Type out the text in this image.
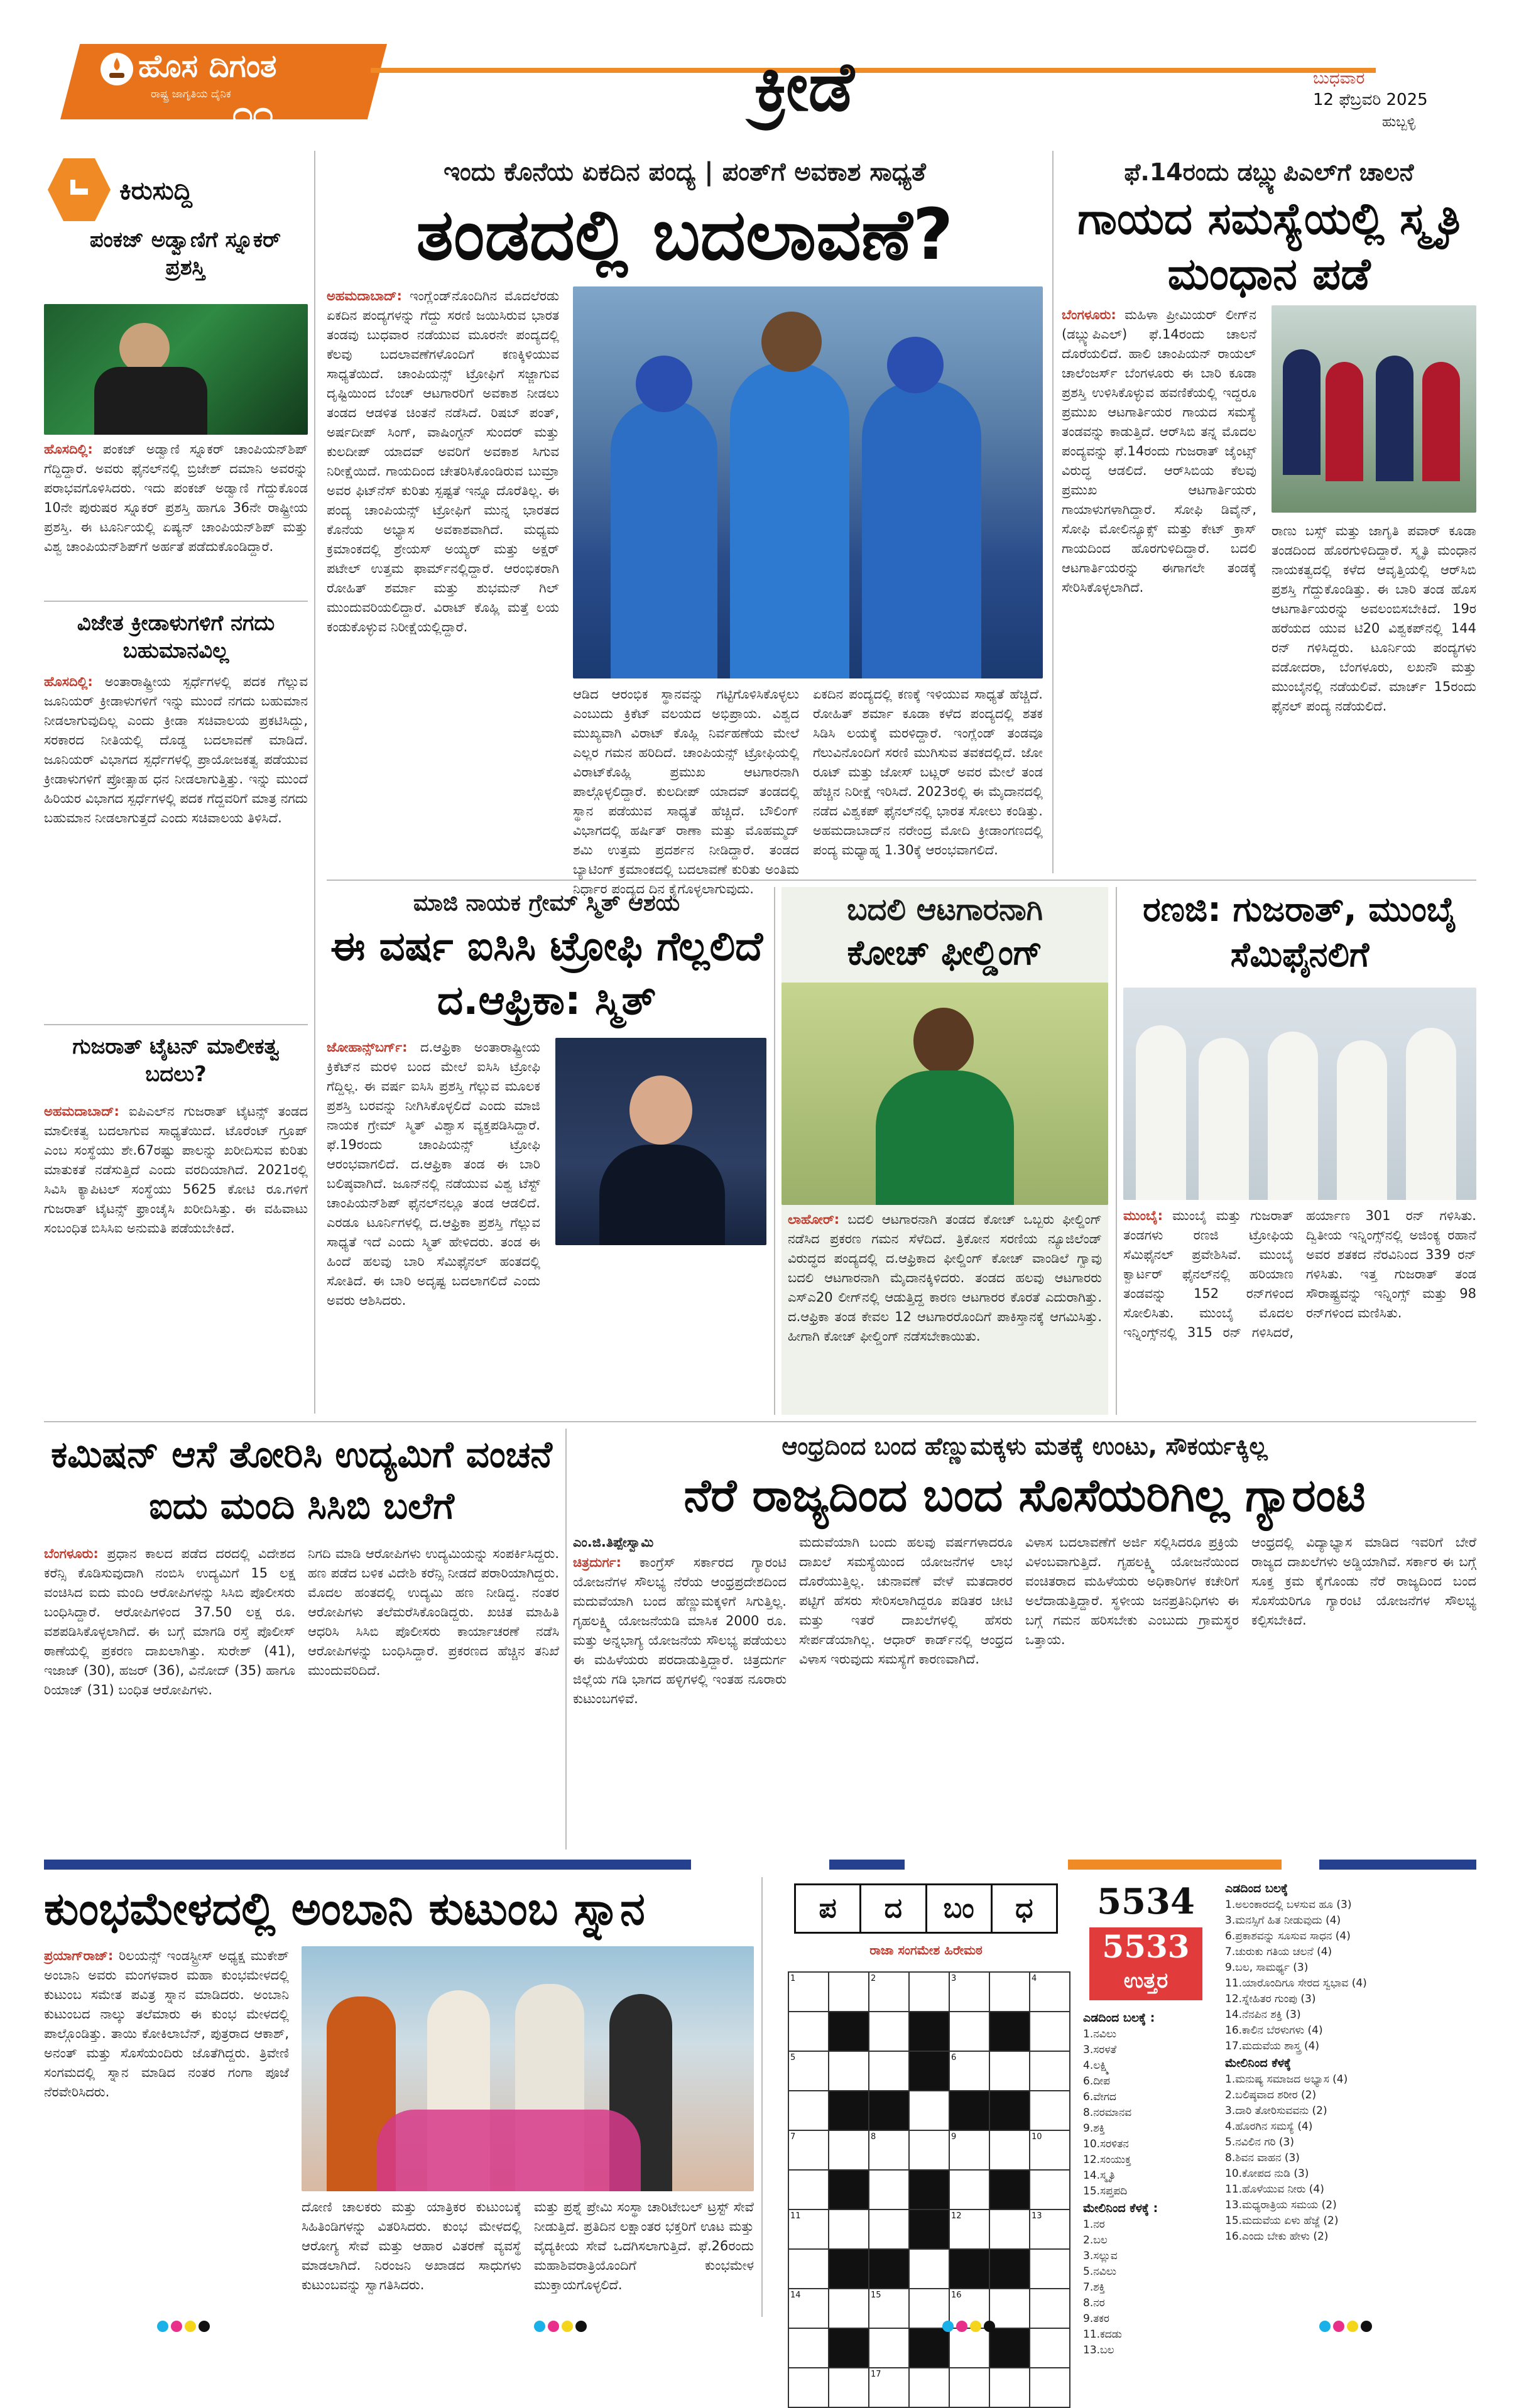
ಹೊಸ ದಿಗಂತ
ರಾಷ್ಟ್ರ ಜಾಗೃತಿಯ ದೈನಿಕ ೧೧	ಕ್ರೀಡೆ	ಬುಧವಾರ
12 ಫೆಬ್ರವರಿ 2025
ಹುಬ್ಬಳ್ಳಿ
ಕಿರುಸುದ್ದಿ
ಪಂಕಜ್ ಅಡ್ವಾಣಿಗೆ ಸ್ನೂಕರ್ ಪ್ರಶಸ್ತಿ
ಹೊಸದಿಲ್ಲಿ: ಪಂಕಜ್ ಅಡ್ವಾಣಿ ಸ್ನೂಕರ್ ಚಾಂಪಿಯನ್‌ಶಿಪ್ ಗೆದ್ದಿದ್ದಾರೆ. ಅವರು ಫೈನಲ್‌ನಲ್ಲಿ ಬ್ರಿಜೇಶ್ ದಮಾನಿ ಅವರನ್ನು ಪರಾಭವಗೊಳಿಸಿದರು. ಇದು ಪಂಕಜ್ ಅಡ್ವಾಣಿ ಗೆದ್ದುಕೊಂಡ 10ನೇ ಪುರುಷರ ಸ್ನೂಕರ್ ಪ್ರಶಸ್ತಿ ಹಾಗೂ 36ನೇ ರಾಷ್ಟ್ರೀಯ ಪ್ರಶಸ್ತಿ. ಈ ಟೂರ್ನಿಯಲ್ಲಿ ಏಷ್ಯನ್ ಚಾಂಪಿಯನ್‌ಶಿಪ್ ಮತ್ತು ವಿಶ್ವ ಚಾಂಪಿಯನ್‌ಶಿಪ್‌ಗೆ ಅರ್ಹತೆ ಪಡೆದುಕೊಂಡಿದ್ದಾರೆ.
ವಿಜೇತ ಕ್ರೀಡಾಳುಗಳಿಗೆ ನಗದು ಬಹುಮಾನವಿಲ್ಲ
ಹೊಸದಿಲ್ಲಿ: ಅಂತಾರಾಷ್ಟ್ರೀಯ ಸ್ಪರ್ಧೆಗಳಲ್ಲಿ ಪದಕ ಗೆಲ್ಲುವ ಜೂನಿಯರ್ ಕ್ರೀಡಾಳುಗಳಿಗೆ ಇನ್ನು ಮುಂದೆ ನಗದು ಬಹುಮಾನ ನೀಡಲಾಗುವುದಿಲ್ಲ ಎಂದು ಕ್ರೀಡಾ ಸಚಿವಾಲಯ ಪ್ರಕಟಿಸಿದ್ದು, ಸರಕಾರದ ನೀತಿಯಲ್ಲಿ ದೊಡ್ಡ ಬದಲಾವಣೆ ಮಾಡಿದೆ. ಜೂನಿಯರ್ ವಿಭಾಗದ ಸ್ಪರ್ಧೆಗಳಲ್ಲಿ ಪ್ರಾಯೋಜಕತ್ವ ಪಡೆಯುವ ಕ್ರೀಡಾಳುಗಳಿಗೆ ಪ್ರೋತ್ಸಾಹ ಧನ ನೀಡಲಾಗುತ್ತಿತ್ತು. ಇನ್ನು ಮುಂದೆ ಹಿರಿಯರ ವಿಭಾಗದ ಸ್ಪರ್ಧೆಗಳಲ್ಲಿ ಪದಕ ಗೆದ್ದವರಿಗೆ ಮಾತ್ರ ನಗದು ಬಹುಮಾನ ನೀಡಲಾಗುತ್ತದೆ ಎಂದು ಸಚಿವಾಲಯ ತಿಳಿಸಿದೆ.
ಗುಜರಾತ್ ಟೈಟನ್ ಮಾಲೀಕತ್ವ ಬದಲು?
ಅಹಮದಾಬಾದ್: ಐಪಿಎಲ್‌ನ ಗುಜರಾತ್ ಟೈಟನ್ಸ್ ತಂಡದ ಮಾಲೀಕತ್ವ ಬದಲಾಗುವ ಸಾಧ್ಯತೆಯಿದೆ. ಟೊರೆಂಟ್ ಗ್ರೂಪ್ ಎಂಬ ಸಂಸ್ಥೆಯು ಶೇ.67ರಷ್ಟು ಪಾಲನ್ನು ಖರೀದಿಸುವ ಕುರಿತು ಮಾತುಕತೆ ನಡೆಸುತ್ತಿದೆ ಎಂದು ವರದಿಯಾಗಿದೆ. 2021ರಲ್ಲಿ ಸಿವಿಸಿ ಕ್ಯಾಪಿಟಲ್ ಸಂಸ್ಥೆಯು 5625 ಕೋಟಿ ರೂ.ಗಳಿಗೆ ಗುಜರಾತ್ ಟೈಟನ್ಸ್ ಫ್ರಾಂಚೈಸಿ ಖರೀದಿಸಿತ್ತು. ಈ ವಹಿವಾಟು ಸಂಬಂಧಿತ ಬಿಸಿಸಿಐ ಅನುಮತಿ ಪಡೆಯಬೇಕಿದೆ.
ಇಂದು ಕೊನೆಯ ಏಕದಿನ ಪಂದ್ಯ | ಪಂತ್‌ಗೆ ಅವಕಾಶ ಸಾಧ್ಯತೆ
ತಂಡದಲ್ಲಿ ಬದಲಾವಣೆ?
ಅಹಮದಾಬಾದ್: ಇಂಗ್ಲೆಂಡ್‌ನೊಂದಿಗಿನ ಮೊದಲೆರಡು ಏಕದಿನ ಪಂದ್ಯಗಳನ್ನು ಗೆದ್ದು ಸರಣಿ ಜಯಿಸಿರುವ ಭಾರತ ತಂಡವು ಬುಧವಾರ ನಡೆಯುವ ಮೂರನೇ ಪಂದ್ಯದಲ್ಲಿ ಕೆಲವು ಬದಲಾವಣೆಗಳೊಂದಿಗೆ ಕಣಕ್ಕಿಳಿಯುವ ಸಾಧ್ಯತೆಯಿದೆ. ಚಾಂಪಿಯನ್ಸ್ ಟ್ರೋಫಿಗೆ ಸಜ್ಜಾಗುವ ದೃಷ್ಟಿಯಿಂದ ಬೆಂಚ್ ಆಟಗಾರರಿಗೆ ಅವಕಾಶ ನೀಡಲು ತಂಡದ ಆಡಳಿತ ಚಿಂತನೆ ನಡೆಸಿದೆ. ರಿಷಬ್ ಪಂತ್, ಅರ್ಷದೀಪ್ ಸಿಂಗ್, ವಾಷಿಂಗ್ಟನ್ ಸುಂದರ್ ಮತ್ತು ಕುಲದೀಪ್ ಯಾದವ್ ಅವರಿಗೆ ಅವಕಾಶ ಸಿಗುವ ನಿರೀಕ್ಷೆಯಿದೆ. ಗಾಯದಿಂದ ಚೇತರಿಸಿಕೊಂಡಿರುವ ಬುಮ್ರಾ ಅವರ ಫಿಟ್‌ನೆಸ್ ಕುರಿತು ಸ್ಪಷ್ಟತೆ ಇನ್ನೂ ದೊರೆತಿಲ್ಲ. ಈ ಪಂದ್ಯ ಚಾಂಪಿಯನ್ಸ್ ಟ್ರೋಫಿಗೆ ಮುನ್ನ ಭಾರತದ ಕೊನೆಯ ಅಭ್ಯಾಸ ಅವಕಾಶವಾಗಿದೆ. ಮಧ್ಯಮ ಕ್ರಮಾಂಕದಲ್ಲಿ ಶ್ರೇಯಸ್ ಅಯ್ಯರ್ ಮತ್ತು ಅಕ್ಷರ್ ಪಟೇಲ್ ಉತ್ತಮ ಫಾರ್ಮ್‌ನಲ್ಲಿದ್ದಾರೆ. ಆರಂಭಿಕರಾಗಿ ರೋಹಿತ್ ಶರ್ಮಾ ಮತ್ತು ಶುಭಮನ್ ಗಿಲ್ ಮುಂದುವರಿಯಲಿದ್ದಾರೆ. ವಿರಾಟ್ ಕೊಹ್ಲಿ ಮತ್ತೆ ಲಯ ಕಂಡುಕೊಳ್ಳುವ ನಿರೀಕ್ಷೆಯಲ್ಲಿದ್ದಾರೆ.
ಆಡಿದ ಆರಂಭಿಕ ಸ್ಥಾನವನ್ನು ಗಟ್ಟಿಗೊಳಿಸಿಕೊಳ್ಳಲು ಎಂಬುದು ಕ್ರಿಕೆಟ್ ವಲಯದ ಅಭಿಪ್ರಾಯ. ವಿಶ್ವದ ಮುಖ್ಯವಾಗಿ ವಿರಾಟ್ ಕೊಹ್ಲಿ ನಿರ್ವಹಣೆಯ ಮೇಲೆ ಎಲ್ಲರ ಗಮನ ಹರಿದಿದೆ. ಚಾಂಪಿಯನ್ಸ್ ಟ್ರೋಫಿಯಲ್ಲಿ ವಿರಾಟ್‌ಕೊಹ್ಲಿ ಪ್ರಮುಖ ಆಟಗಾರನಾಗಿ ಪಾಲ್ಗೊಳ್ಳಲಿದ್ದಾರೆ. ಕುಲದೀಪ್ ಯಾದವ್ ತಂಡದಲ್ಲಿ ಸ್ಥಾನ ಪಡೆಯುವ ಸಾಧ್ಯತೆ ಹೆಚ್ಚಿದೆ. ಬೌಲಿಂಗ್ ವಿಭಾಗದಲ್ಲಿ ಹರ್ಷಿತ್ ರಾಣಾ ಮತ್ತು ಮೊಹಮ್ಮದ್ ಶಮಿ ಉತ್ತಮ ಪ್ರದರ್ಶನ ನೀಡಿದ್ದಾರೆ. ತಂಡದ ಬ್ಯಾಟಿಂಗ್ ಕ್ರಮಾಂಕದಲ್ಲಿ ಬದಲಾವಣೆ ಕುರಿತು ಅಂತಿಮ ನಿರ್ಧಾರ ಪಂದ್ಯದ ದಿನ ಕೈಗೊಳ್ಳಲಾಗುವುದು.
ಏಕದಿನ ಪಂದ್ಯದಲ್ಲಿ ಕಣಕ್ಕೆ ಇಳಿಯುವ ಸಾಧ್ಯತೆ ಹೆಚ್ಚಿದೆ. ರೋಹಿತ್ ಶರ್ಮಾ ಕೂಡಾ ಕಳೆದ ಪಂದ್ಯದಲ್ಲಿ ಶತಕ ಸಿಡಿಸಿ ಲಯಕ್ಕೆ ಮರಳಿದ್ದಾರೆ. ಇಂಗ್ಲೆಂಡ್ ತಂಡವೂ ಗೆಲುವಿನೊಂದಿಗೆ ಸರಣಿ ಮುಗಿಸುವ ತವಕದಲ್ಲಿದೆ. ಜೋ ರೂಟ್ ಮತ್ತು ಜೋಸ್ ಬಟ್ಲರ್ ಅವರ ಮೇಲೆ ತಂಡ ಹೆಚ್ಚಿನ ನಿರೀಕ್ಷೆ ಇರಿಸಿದೆ. 2023ರಲ್ಲಿ ಈ ಮೈದಾನದಲ್ಲಿ ನಡೆದ ವಿಶ್ವಕಪ್ ಫೈನಲ್‌ನಲ್ಲಿ ಭಾರತ ಸೋಲು ಕಂಡಿತ್ತು. ಅಹಮದಾಬಾದ್‌ನ ನರೇಂದ್ರ ಮೋದಿ ಕ್ರೀಡಾಂಗಣದಲ್ಲಿ ಪಂದ್ಯ ಮಧ್ಯಾಹ್ನ 1.30ಕ್ಕೆ ಆರಂಭವಾಗಲಿದೆ.
ಫೆ.14ರಂದು ಡಬ್ಲ್ಯುಪಿಎಲ್‌ಗೆ ಚಾಲನೆ
ಗಾಯದ ಸಮಸ್ಯೆಯಲ್ಲಿ ಸ್ಮೃತಿ ಮಂಧಾನ ಪಡೆ
ಬೆಂಗಳೂರು: ಮಹಿಳಾ ಪ್ರೀಮಿಯರ್ ಲೀಗ್‌ನ (ಡಬ್ಲ್ಯುಪಿಎಲ್) ಫೆ.14ರಂದು ಚಾಲನೆ ದೊರೆಯಲಿದೆ. ಹಾಲಿ ಚಾಂಪಿಯನ್ ರಾಯಲ್ ಚಾಲೆಂಜರ್ಸ್ ಬೆಂಗಳೂರು ಈ ಬಾರಿ ಕೂಡಾ ಪ್ರಶಸ್ತಿ ಉಳಿಸಿಕೊಳ್ಳುವ ಹವಣಿಕೆಯಲ್ಲಿ ಇದ್ದರೂ ಪ್ರಮುಖ ಆಟಗಾರ್ತಿಯರ ಗಾಯದ ಸಮಸ್ಯೆ ತಂಡವನ್ನು ಕಾಡುತ್ತಿದೆ. ಆರ್‌ಸಿಬಿ ತನ್ನ ಮೊದಲ ಪಂದ್ಯವನ್ನು ಫೆ.14ರಂದು ಗುಜರಾತ್ ಜೈಂಟ್ಸ್ ವಿರುದ್ಧ ಆಡಲಿದೆ. ಆರ್‌ಸಿಬಿಯ ಕೆಲವು ಪ್ರಮುಖ ಆಟಗಾರ್ತಿಯರು ಗಾಯಾಳುಗಳಾಗಿದ್ದಾರೆ. ಸೋಫಿ ಡಿವೈನ್, ಸೋಫಿ ಮೋಲಿನ್ಯೂಕ್ಸ್ ಮತ್ತು ಕೇಟ್ ಕ್ರಾಸ್ ಗಾಯದಿಂದ ಹೊರಗುಳಿದಿದ್ದಾರೆ. ಬದಲಿ ಆಟಗಾರ್ತಿಯರನ್ನು ಈಗಾಗಲೇ ತಂಡಕ್ಕೆ ಸೇರಿಸಿಕೊಳ್ಳಲಾಗಿದೆ.
ರಾಣು ಬಸ್ಸ್ ಮತ್ತು ಜಾಗೃತಿ ಪವಾರ್ ಕೂಡಾ ತಂಡದಿಂದ ಹೊರಗುಳಿದಿದ್ದಾರೆ. ಸ್ಮೃತಿ ಮಂಧಾನ ನಾಯಕತ್ವದಲ್ಲಿ ಕಳೆದ ಆವೃತ್ತಿಯಲ್ಲಿ ಆರ್‌ಸಿಬಿ ಪ್ರಶಸ್ತಿ ಗೆದ್ದುಕೊಂಡಿತ್ತು. ಈ ಬಾರಿ ತಂಡ ಹೊಸ ಆಟಗಾರ್ತಿಯರನ್ನು ಅವಲಂಬಿಸಬೇಕಿದೆ. 19ರ ಹರೆಯದ ಯುವ ಟಿ20 ವಿಶ್ವಕಪ್‌ನಲ್ಲಿ 144 ರನ್ ಗಳಿಸಿದ್ದರು. ಟೂರ್ನಿಯ ಪಂದ್ಯಗಳು ವಡೋದರಾ, ಬೆಂಗಳೂರು, ಲಖನೌ ಮತ್ತು ಮುಂಬೈನಲ್ಲಿ ನಡೆಯಲಿವೆ. ಮಾರ್ಚ್ 15ರಂದು ಫೈನಲ್ ಪಂದ್ಯ ನಡೆಯಲಿದೆ.
ಮಾಜಿ ನಾಯಕ ಗ್ರೇಮ್ ಸ್ಮಿತ್ ಆಶಯ
ಈ ವರ್ಷ ಐಸಿಸಿ ಟ್ರೋಫಿ ಗೆಲ್ಲಲಿದೆ ದ.ಆಫ್ರಿಕಾ: ಸ್ಮಿತ್
ಜೋಹಾನ್ಸ್‌ಬರ್ಗ್: ದ.ಆಫ್ರಿಕಾ ಅಂತಾರಾಷ್ಟ್ರೀಯ ಕ್ರಿಕೆಟ್‌ನ ಮರಳಿ ಬಂದ ಮೇಲೆ ಐಸಿಸಿ ಟ್ರೋಫಿ ಗೆದ್ದಿಲ್ಲ. ಈ ವರ್ಷ ಐಸಿಸಿ ಪ್ರಶಸ್ತಿ ಗೆಲ್ಲುವ ಮೂಲಕ ಪ್ರಶಸ್ತಿ ಬರವನ್ನು ನೀಗಿಸಿಕೊಳ್ಳಲಿದೆ ಎಂದು ಮಾಜಿ ನಾಯಕ ಗ್ರೇಮ್ ಸ್ಮಿತ್ ವಿಶ್ವಾಸ ವ್ಯಕ್ತಪಡಿಸಿದ್ದಾರೆ. ಫೆ.19ರಂದು ಚಾಂಪಿಯನ್ಸ್ ಟ್ರೋಫಿ ಆರಂಭವಾಗಲಿದೆ. ದ.ಆಫ್ರಿಕಾ ತಂಡ ಈ ಬಾರಿ ಬಲಿಷ್ಠವಾಗಿದೆ. ಜೂನ್‌ನಲ್ಲಿ ನಡೆಯುವ ವಿಶ್ವ ಟೆಸ್ಟ್ ಚಾಂಪಿಯನ್‌ಶಿಪ್ ಫೈನಲ್‌ನಲ್ಲೂ ತಂಡ ಆಡಲಿದೆ. ಎರಡೂ ಟೂರ್ನಿಗಳಲ್ಲಿ ದ.ಆಫ್ರಿಕಾ ಪ್ರಶಸ್ತಿ ಗೆಲ್ಲುವ ಸಾಧ್ಯತೆ ಇದೆ ಎಂದು ಸ್ಮಿತ್ ಹೇಳಿದರು. ತಂಡ ಈ ಹಿಂದೆ ಹಲವು ಬಾರಿ ಸೆಮಿಫೈನಲ್ ಹಂತದಲ್ಲಿ ಸೋತಿದೆ. ಈ ಬಾರಿ ಅದೃಷ್ಟ ಬದಲಾಗಲಿದೆ ಎಂದು ಅವರು ಆಶಿಸಿದರು.
ಬದಲಿ ಆಟಗಾರನಾಗಿ
ಕೋಚ್ ಫೀಲ್ಡಿಂಗ್
ಲಾಹೋರ್: ಬದಲಿ ಆಟಗಾರನಾಗಿ ತಂಡದ ಕೋಚ್ ಒಬ್ಬರು ಫೀಲ್ಡಿಂಗ್ ನಡೆಸಿದ ಪ್ರಕರಣ ಗಮನ ಸೆಳೆದಿದೆ. ತ್ರಿಕೋನ ಸರಣಿಯ ನ್ಯೂಜಿಲೆಂಡ್ ವಿರುದ್ಧದ ಪಂದ್ಯದಲ್ಲಿ ದ.ಆಫ್ರಿಕಾದ ಫೀಲ್ಡಿಂಗ್ ಕೋಚ್ ವಾಂಡಿಲೆ ಗ್ವಾವು ಬದಲಿ ಆಟಗಾರನಾಗಿ ಮೈದಾನಕ್ಕಿಳಿದರು. ತಂಡದ ಹಲವು ಆಟಗಾರರು ಎಸ್‌ಎ20 ಲೀಗ್‌ನಲ್ಲಿ ಆಡುತ್ತಿದ್ದ ಕಾರಣ ಆಟಗಾರರ ಕೊರತೆ ಎದುರಾಗಿತ್ತು. ದ.ಆಫ್ರಿಕಾ ತಂಡ ಕೇವಲ 12 ಆಟಗಾರರೊಂದಿಗೆ ಪಾಕಿಸ್ತಾನಕ್ಕೆ ಆಗಮಿಸಿತ್ತು. ಹೀಗಾಗಿ ಕೋಚ್ ಫೀಲ್ಡಿಂಗ್ ನಡೆಸಬೇಕಾಯಿತು.
ರಣಜಿ: ಗುಜರಾತ್, ಮುಂಬೈ ಸೆಮಿಫೈನಲಿಗೆ
ಮುಂಬೈ: ಮುಂಬೈ ಮತ್ತು ಗುಜರಾತ್ ತಂಡಗಳು ರಣಜಿ ಟ್ರೋಫಿಯ ಸೆಮಿಫೈನಲ್ ಪ್ರವೇಶಿಸಿವೆ. ಮುಂಬೈ ಕ್ವಾರ್ಟರ್ ಫೈನಲ್‌ನಲ್ಲಿ ಹರಿಯಾಣ ತಂಡವನ್ನು 152 ರನ್‌ಗಳಿಂದ ಸೋಲಿಸಿತು. ಮುಂಬೈ ಮೊದಲ ಇನ್ನಿಂಗ್ಸ್‌ನಲ್ಲಿ 315 ರನ್ ಗಳಿಸಿದರೆ, ಹರ್ಯಾಣ 301 ರನ್ ಗಳಿಸಿತು. ದ್ವಿತೀಯ ಇನ್ನಿಂಗ್ಸ್‌ನಲ್ಲಿ ಅಜಿಂಕ್ಯ ರಹಾನೆ ಅವರ ಶತಕದ ನೆರವಿನಿಂದ 339 ರನ್ ಗಳಿಸಿತು. ಇತ್ತ ಗುಜರಾತ್ ತಂಡ ಸೌರಾಷ್ಟ್ರವನ್ನು ಇನ್ನಿಂಗ್ಸ್ ಮತ್ತು 98 ರನ್‌ಗಳಿಂದ ಮಣಿಸಿತು.
ಕಮಿಷನ್ ಆಸೆ ತೋರಿಸಿ ಉದ್ಯಮಿಗೆ ವಂಚನೆ ಐದು ಮಂದಿ ಸಿಸಿಬಿ ಬಲೆಗೆ
ಬೆಂಗಳೂರು: ಪ್ರಧಾನ ಕಾಲದ ಪಡೆದ ದರದಲ್ಲಿ ವಿದೇಶದ ಕರೆನ್ಸಿ ಕೊಡಿಸುವುದಾಗಿ ನಂಬಿಸಿ ಉದ್ಯಮಿಗೆ 15 ಲಕ್ಷ ವಂಚಿಸಿದ ಐದು ಮಂದಿ ಆರೋಪಿಗಳನ್ನು ಸಿಸಿಬಿ ಪೊಲೀಸರು ಬಂಧಿಸಿದ್ದಾರೆ. ಆರೋಪಿಗಳಿಂದ 37.50 ಲಕ್ಷ ರೂ. ವಶಪಡಿಸಿಕೊಳ್ಳಲಾಗಿದೆ. ಈ ಬಗ್ಗೆ ಮಾಗಡಿ ರಸ್ತೆ ಪೊಲೀಸ್ ಠಾಣೆಯಲ್ಲಿ ಪ್ರಕರಣ ದಾಖಲಾಗಿತ್ತು. ಸುರೇಶ್ (41), ಇಜಾಜ್ (30), ಹಜರ್ (36), ವಿನೋದ್ (35) ಹಾಗೂ ರಿಯಾಜ್ (31) ಬಂಧಿತ ಆರೋಪಿಗಳು.
ನಿಗದಿ ಮಾಡಿ ಆರೋಪಿಗಳು ಉದ್ಯಮಿಯನ್ನು ಸಂಪರ್ಕಿಸಿದ್ದರು. ಹಣ ಪಡೆದ ಬಳಿಕ ವಿದೇಶಿ ಕರೆನ್ಸಿ ನೀಡದೆ ಪರಾರಿಯಾಗಿದ್ದರು. ಮೊದಲ ಹಂತದಲ್ಲಿ ಉದ್ಯಮಿ ಹಣ ನೀಡಿದ್ದ. ನಂತರ ಆರೋಪಿಗಳು ತಲೆಮರೆಸಿಕೊಂಡಿದ್ದರು. ಖಚಿತ ಮಾಹಿತಿ ಆಧರಿಸಿ ಸಿಸಿಬಿ ಪೊಲೀಸರು ಕಾರ್ಯಾಚರಣೆ ನಡೆಸಿ ಆರೋಪಿಗಳನ್ನು ಬಂಧಿಸಿದ್ದಾರೆ. ಪ್ರಕರಣದ ಹೆಚ್ಚಿನ ತನಿಖೆ ಮುಂದುವರಿದಿದೆ.
ಆಂಧ್ರದಿಂದ ಬಂದ ಹೆಣ್ಣುಮಕ್ಕಳು ಮತಕ್ಕೆ ಉಂಟು, ಸೌಕರ್ಯಕ್ಕಿಲ್ಲ
ನೆರೆ ರಾಜ್ಯದಿಂದ ಬಂದ ಸೊಸೆಯರಿಗಿಲ್ಲ ಗ್ಯಾರಂಟಿ
ಎಂ.ಜಿ.ತಿಪ್ಪೇಸ್ವಾಮಿ
ಚಿತ್ರದುರ್ಗ: ಕಾಂಗ್ರೆಸ್ ಸರ್ಕಾರದ ಗ್ಯಾರಂಟಿ ಯೋಜನೆಗಳ ಸೌಲಭ್ಯ ನೆರೆಯ ಆಂಧ್ರಪ್ರದೇಶದಿಂದ ಮದುವೆಯಾಗಿ ಬಂದ ಹೆಣ್ಣುಮಕ್ಕಳಿಗೆ ಸಿಗುತ್ತಿಲ್ಲ. ಗೃಹಲಕ್ಷ್ಮಿ ಯೋಜನೆಯಡಿ ಮಾಸಿಕ 2000 ರೂ. ಮತ್ತು ಅನ್ನಭಾಗ್ಯ ಯೋಜನೆಯ ಸೌಲಭ್ಯ ಪಡೆಯಲು ಈ ಮಹಿಳೆಯರು ಪರದಾಡುತ್ತಿದ್ದಾರೆ. ಚಿತ್ರದುರ್ಗ ಜಿಲ್ಲೆಯ ಗಡಿ ಭಾಗದ ಹಳ್ಳಿಗಳಲ್ಲಿ ಇಂತಹ ನೂರಾರು ಕುಟುಂಬಗಳಿವೆ.
ಮದುವೆಯಾಗಿ ಬಂದು ಹಲವು ವರ್ಷಗಳಾದರೂ ದಾಖಲೆ ಸಮಸ್ಯೆಯಿಂದ ಯೋಜನೆಗಳ ಲಾಭ ದೊರೆಯುತ್ತಿಲ್ಲ. ಚುನಾವಣೆ ವೇಳೆ ಮತದಾರರ ಪಟ್ಟಿಗೆ ಹೆಸರು ಸೇರಿಸಲಾಗಿದ್ದರೂ ಪಡಿತರ ಚೀಟಿ ಮತ್ತು ಇತರೆ ದಾಖಲೆಗಳಲ್ಲಿ ಹೆಸರು ಸೇರ್ಪಡೆಯಾಗಿಲ್ಲ. ಆಧಾರ್ ಕಾರ್ಡ್‌ನಲ್ಲಿ ಆಂಧ್ರದ ವಿಳಾಸ ಇರುವುದು ಸಮಸ್ಯೆಗೆ ಕಾರಣವಾಗಿದೆ.
ವಿಳಾಸ ಬದಲಾವಣೆಗೆ ಅರ್ಜಿ ಸಲ್ಲಿಸಿದರೂ ಪ್ರಕ್ರಿಯೆ ವಿಳಂಬವಾಗುತ್ತಿದೆ. ಗೃಹಲಕ್ಷ್ಮಿ ಯೋಜನೆಯಿಂದ ವಂಚಿತರಾದ ಮಹಿಳೆಯರು ಅಧಿಕಾರಿಗಳ ಕಚೇರಿಗೆ ಅಲೆದಾಡುತ್ತಿದ್ದಾರೆ. ಸ್ಥಳೀಯ ಜನಪ್ರತಿನಿಧಿಗಳು ಈ ಬಗ್ಗೆ ಗಮನ ಹರಿಸಬೇಕು ಎಂಬುದು ಗ್ರಾಮಸ್ಥರ ಒತ್ತಾಯ.
ಆಂಧ್ರದಲ್ಲಿ ವಿದ್ಯಾಭ್ಯಾಸ ಮಾಡಿದ ಇವರಿಗೆ ಬೇರೆ ರಾಜ್ಯದ ದಾಖಲೆಗಳು ಅಡ್ಡಿಯಾಗಿವೆ. ಸರ್ಕಾರ ಈ ಬಗ್ಗೆ ಸೂಕ್ತ ಕ್ರಮ ಕೈಗೊಂಡು ನೆರೆ ರಾಜ್ಯದಿಂದ ಬಂದ ಸೊಸೆಯರಿಗೂ ಗ್ಯಾರಂಟಿ ಯೋಜನೆಗಳ ಸೌಲಭ್ಯ ಕಲ್ಪಿಸಬೇಕಿದೆ.
ಕುಂಭಮೇಳದಲ್ಲಿ ಅಂಬಾನಿ ಕುಟುಂಬ ಸ್ನಾನ
ಪ್ರಯಾಗ್‌ರಾಜ್: ರಿಲಯನ್ಸ್ ಇಂಡಸ್ಟ್ರೀಸ್ ಅಧ್ಯಕ್ಷ ಮುಕೇಶ್ ಅಂಬಾನಿ ಅವರು ಮಂಗಳವಾರ ಮಹಾ ಕುಂಭಮೇಳದಲ್ಲಿ ಕುಟುಂಬ ಸಮೇತ ಪವಿತ್ರ ಸ್ನಾನ ಮಾಡಿದರು. ಅಂಬಾನಿ ಕುಟುಂಬದ ನಾಲ್ಕು ತಲೆಮಾರು ಈ ಕುಂಭ ಮೇಳದಲ್ಲಿ ಪಾಲ್ಗೊಂಡಿತ್ತು. ತಾಯಿ ಕೋಕಿಲಾಬೆನ್, ಪುತ್ರರಾದ ಆಕಾಶ್, ಅನಂತ್ ಮತ್ತು ಸೊಸೆಯಂದಿರು ಜೊತೆಗಿದ್ದರು. ತ್ರಿವೇಣಿ ಸಂಗಮದಲ್ಲಿ ಸ್ನಾನ ಮಾಡಿದ ನಂತರ ಗಂಗಾ ಪೂಜೆ ನೆರವೇರಿಸಿದರು.
ದೋಣಿ ಚಾಲಕರು ಮತ್ತು ಯಾತ್ರಿಕರ ಕುಟುಂಬಕ್ಕೆ ಸಿಹಿತಿಂಡಿಗಳನ್ನು ವಿತರಿಸಿದರು. ಕುಂಭ ಮೇಳದಲ್ಲಿ ಆರೋಗ್ಯ ಸೇವೆ ಮತ್ತು ಆಹಾರ ವಿತರಣೆ ವ್ಯವಸ್ಥೆ ಮಾಡಲಾಗಿದೆ. ನಿರಂಜನಿ ಅಖಾಡದ ಸಾಧುಗಳು ಕುಟುಂಬವನ್ನು ಸ್ವಾಗತಿಸಿದರು.
ಮತ್ತು ಪ್ರಶ್ನೆ ಪ್ರೇಮಿ ಸಂಸ್ಥಾ ಚಾರಿಟೇಬಲ್ ಟ್ರಸ್ಟ್ ಸೇವೆ ನೀಡುತ್ತಿದೆ. ಪ್ರತಿದಿನ ಲಕ್ಷಾಂತರ ಭಕ್ತರಿಗೆ ಊಟ ಮತ್ತು ವೈದ್ಯಕೀಯ ಸೇವೆ ಒದಗಿಸಲಾಗುತ್ತಿದೆ. ಫೆ.26ರಂದು ಮಹಾಶಿವರಾತ್ರಿಯೊಂದಿಗೆ ಕುಂಭಮೇಳ ಮುಕ್ತಾಯಗೊಳ್ಳಲಿದೆ.
ಪ	ದ	ಬಂ	ಧ
ರಾಜಾ ಸಂಗಮೇಶ ಹಿರೇಮಠ
1		2		3		4

5				6		

7		8		9		10

11				12		13

14		15		16		

		17				
5534
5533
ಉತ್ತರ
ಎಡದಿಂದ ಬಲಕ್ಕೆ :
1.ನವಿಲು
3.ಸರಳತೆ
4.ಲಕ್ಷ್ಮಿ
6.ದೀಪ
6.ವೇಗದ
8.ನರಮಾನವ
9.ಶಕ್ತಿ
10.ಸರಳಿತನ
12.ಸಂಯುಕ್ತ
14.ಸ್ಮೃತಿ
15.ಸಪ್ತಪದಿ
ಮೇಲಿನಿಂದ ಕೆಳಕ್ಕೆ :
1.ನರ
2.ಬಲ
3.ಸಲ್ಲುವ
5.ನವಿಲು
7.ಶಕ್ತಿ
8.ನರ
9.ತಕರ
11.ಕದಡು
13.ಬಲ
ಎಡದಿಂದ ಬಲಕ್ಕೆ
1.ಅಲಂಕಾರದಲ್ಲಿ ಬಳಸುವ ಹೂ (3)
3.ಮನಸ್ಸಿಗೆ ಹಿತ ನೀಡುವುದು (4)
6.ಪ್ರಕಾಶವನ್ನು ಸೂಸುವ ಸಾಧನ (4)
7.ಚುರುಕು ಗತಿಯ ಚಲನೆ (4)
9.ಬಲ, ಸಾಮರ್ಥ್ಯ (3)
11.ಯಾರೊಂದಿಗೂ ಸೇರದ ಸ್ವಭಾವ (4)
12.ಸ್ನೇಹಿತರ ಗುಂಪು (3)
14.ನೆನಪಿನ ಶಕ್ತಿ (3)
16.ಕಾಲಿನ ಬೆರಳುಗಳು (4)
17.ಮದುವೆಯ ಶಾಸ್ತ್ರ (4)
ಮೇಲಿನಿಂದ ಕೆಳಕ್ಕೆ
1.ಮನುಷ್ಯ ಸಮಾಜದ ಅಭ್ಯಾಸ (4)
2.ಬಲಿಷ್ಠವಾದ ಶರೀರ (2)
3.ದಾರಿ ತೋರಿಸುವವನು (2)
4.ಹೊರಗಿನ ಸಮಸ್ಯೆ (4)
5.ನವಿಲಿನ ಗರಿ (3)
8.ಶಿವನ ವಾಹನ (3)
10.ಕೋಪದ ನುಡಿ (3)
11.ಹೊಳೆಯುವ ನೀರು (4)
13.ಮಧ್ಯರಾತ್ರಿಯ ಸಮಯ (2)
15.ಮದುವೆಯ ಏಳು ಹೆಜ್ಜೆ (2)
16.ಎಂದು ಬೇಕು ಹೇಳು (2)
